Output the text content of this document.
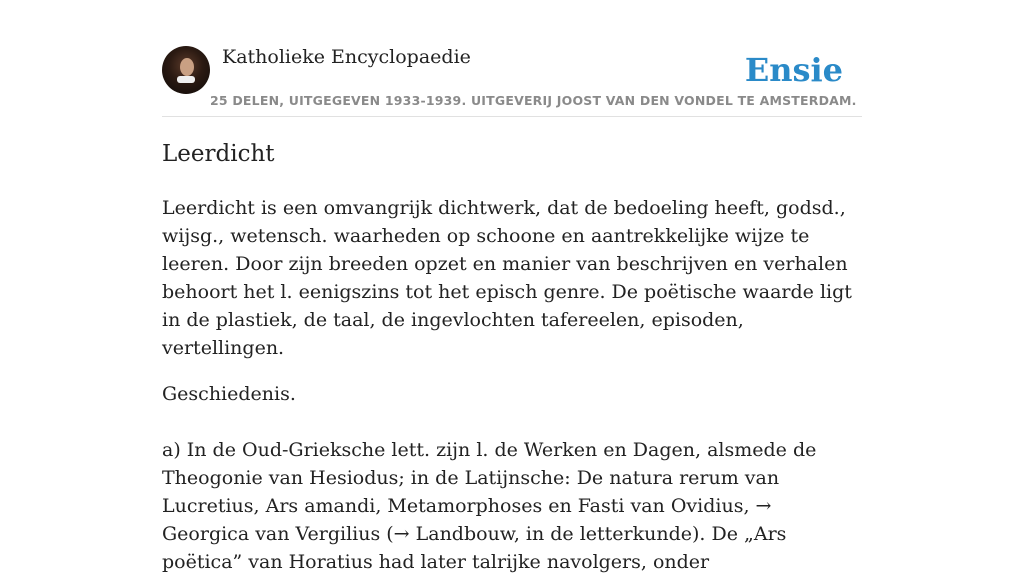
Katholieke Encyclopaedie
25 DELEN, UITGEGEVEN 1933-1939. UITGEVERIJ JOOST VAN DEN VONDEL TE AMSTERDAM.
Ensie
Leerdicht

Leerdicht is een omvangrijk dichtwerk, dat de bedoeling heeft, godsd., wijsg., wetensch. waarheden op schoone en aantrekkelijke wijze te leeren. Door zijn breeden opzet en manier van beschrijven en verhalen behoort het l. eenigszins tot het episch genre. De poëtische waarde ligt in de plastiek, de taal, de ingevlochten tafereelen, episoden, vertellingen.

Geschiedenis.

a) In de Oud-Grieksche lett. zijn l. de Werken en Dagen, alsmede de Theogonie van Hesiodus; in de Latijnsche: De natura rerum van Lucretius, Ars amandi, Metamorphoses en Fasti van Ovidius, → Georgica van Vergilius (→ Landbouw, in de letterkunde). De „Ars poëtica” van Horatius had later talrijke navolgers, onder
